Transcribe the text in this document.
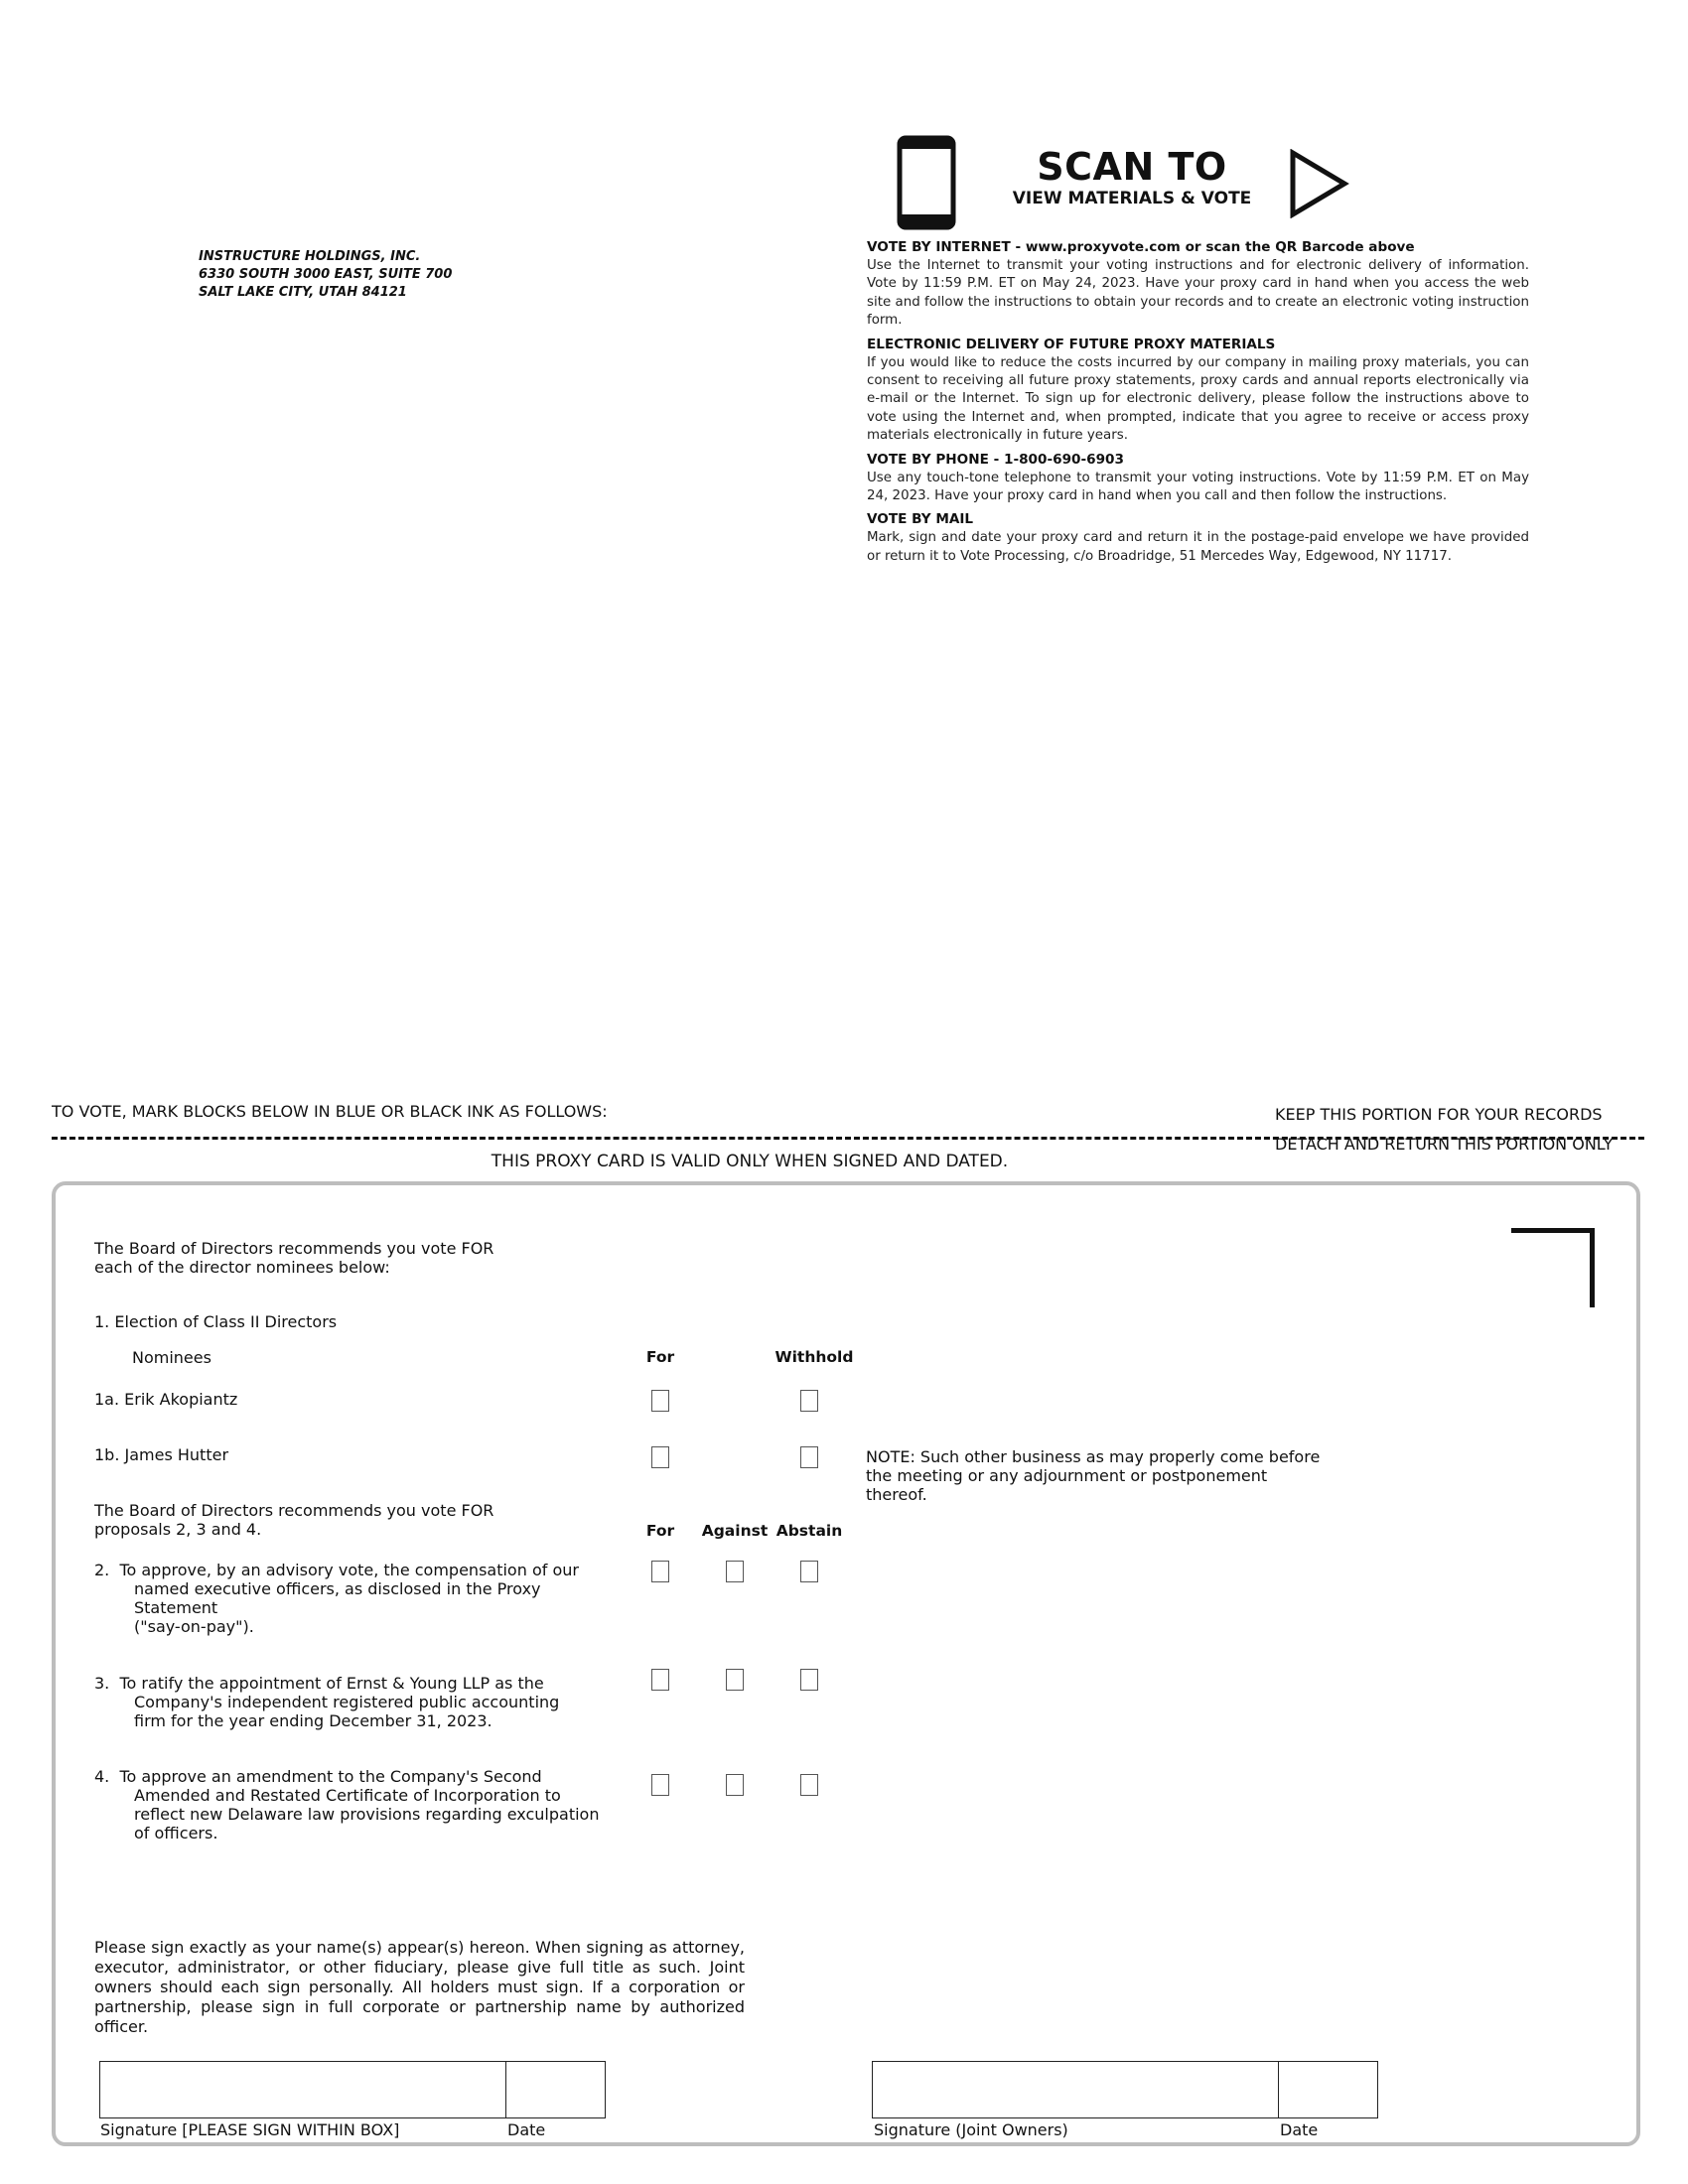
INSTRUCTURE HOLDINGS, INC.
6330 SOUTH 3000 EAST, SUITE 700
SALT LAKE CITY, UTAH 84121
SCAN TO
VIEW MATERIALS & VOTE
VOTE BY INTERNET - www.proxyvote.com or scan the QR Barcode above

Use the Internet to transmit your voting instructions and for electronic delivery of information. Vote by 11:59 P.M. ET on May 24, 2023. Have your proxy card in hand when you access the web site and follow the instructions to obtain your records and to create an electronic voting instruction form.

ELECTRONIC DELIVERY OF FUTURE PROXY MATERIALS

If you would like to reduce the costs incurred by our company in mailing proxy materials, you can consent to receiving all future proxy statements, proxy cards and annual reports electronically via e-mail or the Internet. To sign up for electronic delivery, please follow the instructions above to vote using the Internet and, when prompted, indicate that you agree to receive or access proxy materials electronically in future years.

VOTE BY PHONE - 1-800-690-6903

Use any touch-tone telephone to transmit your voting instructions. Vote by 11:59 P.M. ET on May 24, 2023. Have your proxy card in hand when you call and then follow the instructions.

VOTE BY MAIL

Mark, sign and date your proxy card and return it in the postage-paid envelope we have provided or return it to Vote Processing, c/o Broadridge, 51 Mercedes Way, Edgewood, NY 11717.

TO VOTE, MARK BLOCKS BELOW IN BLUE OR BLACK INK AS FOLLOWS:	KEEP THIS PORTION FOR YOUR RECORDS
DETACH AND RETURN THIS PORTION ONLY
THIS PROXY CARD IS VALID ONLY WHEN SIGNED AND DATED.
The Board of Directors recommends you vote FOR
each of the director nominees below:
1. Election of Class II Directors
Nominees	For	Withhold
1a. Erik Akopiantz
1b. James Hutter	NOTE: Such other business as may properly come before the meeting or any adjournment or postponement thereof.
The Board of Directors recommends you vote FOR
proposals 2, 3 and 4.	For	Against Abstain
2. To approve, by an advisory vote, the compensation of our
named executive officers, as disclosed in the Proxy
Statement
("say-on-pay").
3. To ratify the appointment of Ernst & Young LLP as the
Company's independent registered public accounting
firm for the year ending December 31, 2023.
4. To approve an amendment to the Company's Second
Amended and Restated Certificate of Incorporation to
reflect new Delaware law provisions regarding exculpation
of officers.
Please sign exactly as your name(s) appear(s) hereon. When signing as attorney, executor, administrator, or other fiduciary, please give full title as such. Joint owners should each sign personally. All holders must sign. If a corporation or partnership, please sign in full corporate or partnership name by authorized officer.
Signature [PLEASE SIGN WITHIN BOX]	Date	Signature (Joint Owners)	Date
